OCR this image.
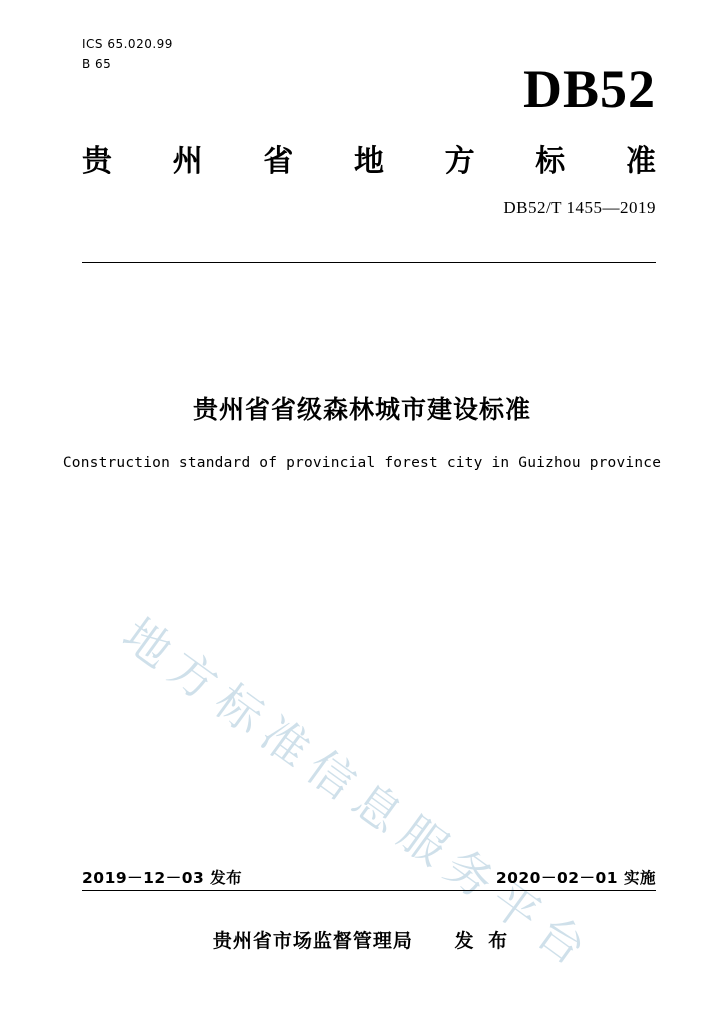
ICS 65.020.99
B 65	DB52
贵 州 省 地 方 标 准
DB52/T 1455—2019
贵州省省级森林城市建设标准
Construction standard of provincial forest city in Guizhou province
地
方
标
准
信
息
服
务
平
台
2019－12－03 发布	2020－02－01 实施
贵州省市场监督管理局 发 布
